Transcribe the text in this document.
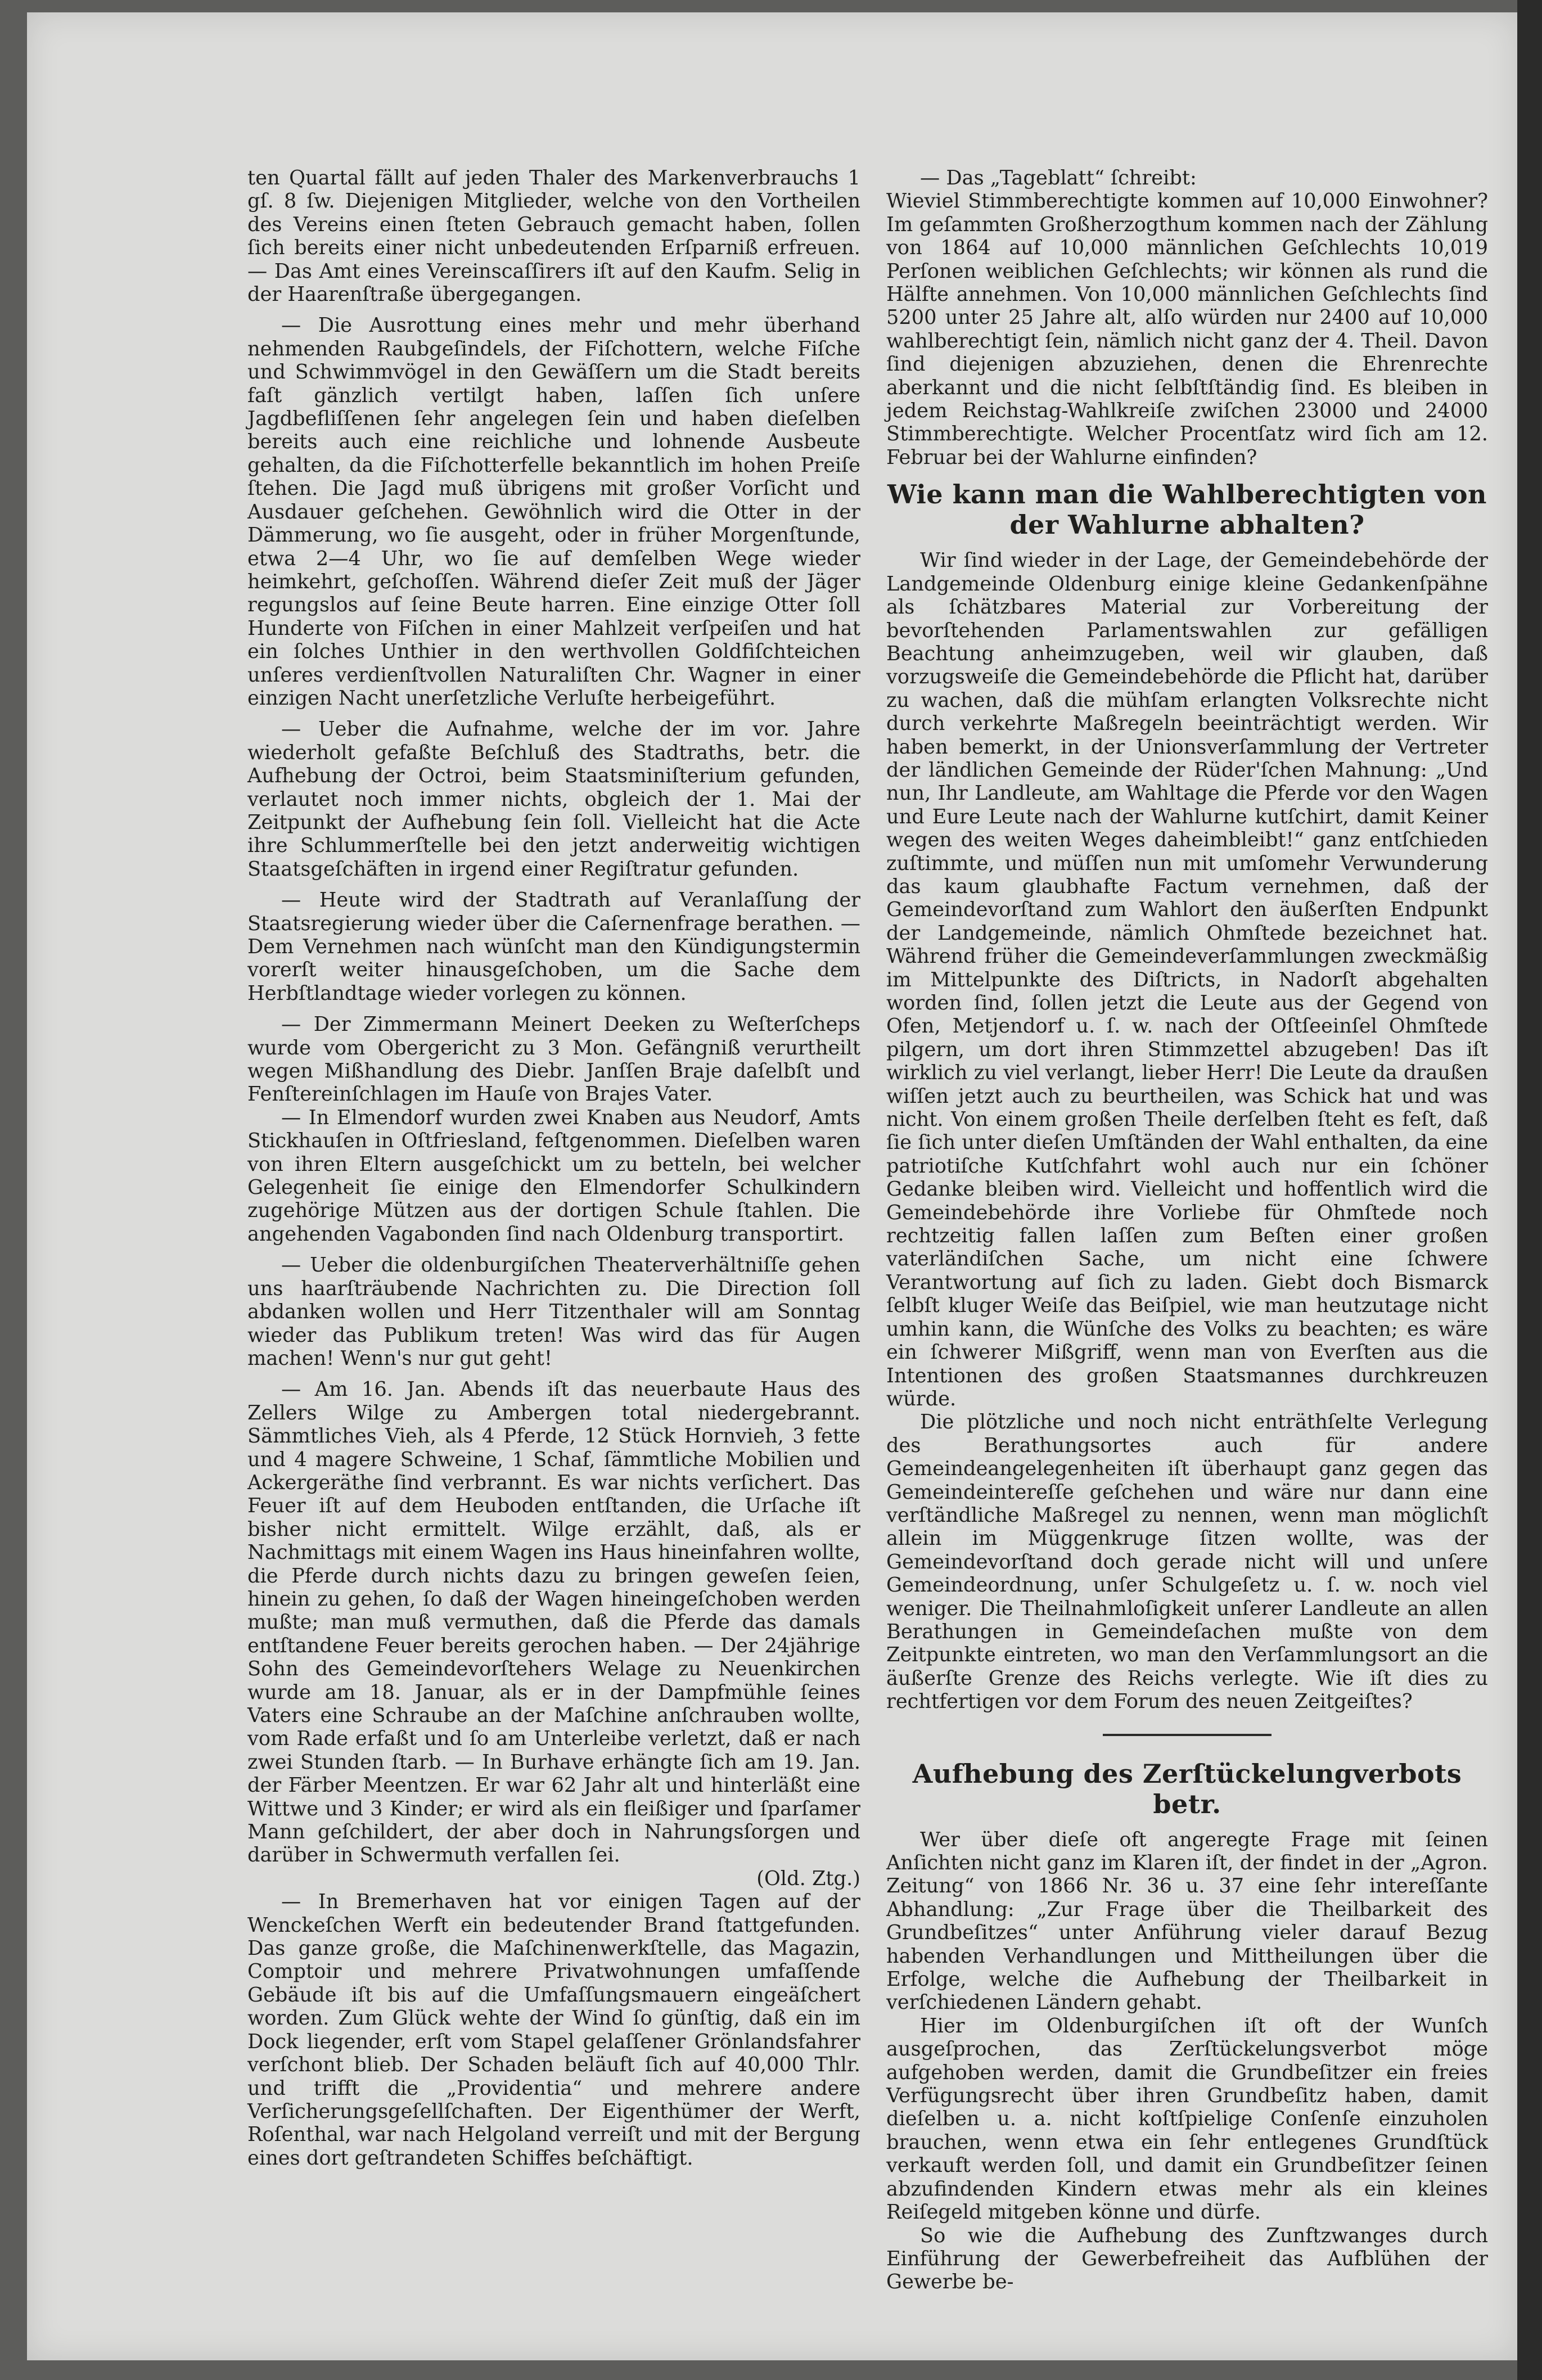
ten Quartal fällt auf jeden Thaler des Markenverbrauchs 1 gſ. 8 ſw. Diejenigen Mitglieder, welche von den Vortheilen des Vereins einen ſteten Gebrauch gemacht haben, ſollen ſich bereits einer nicht unbedeutenden Erſparniß erfreuen. — Das Amt eines Vereinscaſſirers iſt auf den Kaufm. Selig in der Haarenſtraße übergegangen.

— Die Ausrottung eines mehr und mehr überhand nehmenden Raubgeſindels, der Fiſchottern, welche Fiſche und Schwimmvögel in den Gewäſſern um die Stadt bereits faſt gänzlich vertilgt haben, laſſen ſich unſere Jagdbefliſſenen ſehr angelegen ſein und haben dieſelben bereits auch eine reichliche und lohnende Ausbeute gehalten, da die Fiſchotterfelle bekanntlich im hohen Preiſe ſtehen. Die Jagd muß übrigens mit großer Vorſicht und Ausdauer geſchehen. Gewöhnlich wird die Otter in der Dämmerung, wo ſie ausgeht, oder in früher Morgenſtunde, etwa 2—4 Uhr, wo ſie auf demſelben Wege wieder heimkehrt, geſchoſſen. Während dieſer Zeit muß der Jäger regungslos auf ſeine Beute harren. Eine einzige Otter ſoll Hunderte von Fiſchen in einer Mahlzeit verſpeiſen und hat ein ſolches Unthier in den werthvollen Goldfiſchteichen unſeres verdienſtvollen Naturaliſten Chr. Wagner in einer einzigen Nacht unerſetzliche Verluſte herbeigeführt.

— Ueber die Aufnahme, welche der im vor. Jahre wiederholt gefaßte Beſchluß des Stadtraths, betr. die Aufhebung der Octroi, beim Staatsminiſterium gefunden, verlautet noch immer nichts, obgleich der 1. Mai der Zeitpunkt der Aufhebung ſein ſoll. Vielleicht hat die Acte ihre Schlummerſtelle bei den jetzt anderweitig wichtigen Staatsgeſchäften in irgend einer Regiſtratur gefunden.

— Heute wird der Stadtrath auf Veranlaſſung der Staatsregierung wieder über die Caſernenfrage berathen. — Dem Vernehmen nach wünſcht man den Kündigungstermin vorerſt weiter hinausgeſchoben, um die Sache dem Herbſtlandtage wieder vorlegen zu können.

— Der Zimmermann Meinert Deeken zu Weſterſcheps wurde vom Obergericht zu 3 Mon. Gefängniß verurtheilt wegen Mißhandlung des Diebr. Janſſen Braje daſelbſt und Fenſtereinſchlagen im Hauſe von Brajes Vater.

— In Elmendorf wurden zwei Knaben aus Neudorf, Amts Stickhauſen in Oſtfriesland, feſtgenommen. Dieſelben waren von ihren Eltern ausgeſchickt um zu betteln, bei welcher Gelegenheit ſie einige den Elmendorfer Schulkindern zugehörige Mützen aus der dortigen Schule ſtahlen. Die angehenden Vagabonden ſind nach Oldenburg transportirt.

— Ueber die oldenburgiſchen Theaterverhältniſſe gehen uns haarſträubende Nachrichten zu. Die Direction ſoll abdanken wollen und Herr Titzenthaler will am Sonntag wieder das Publikum treten! Was wird das für Augen machen! Wenn's nur gut geht!

— Am 16. Jan. Abends iſt das neuerbaute Haus des Zellers Wilge zu Ambergen total niedergebrannt. Sämmtliches Vieh, als 4 Pferde, 12 Stück Hornvieh, 3 fette und 4 magere Schweine, 1 Schaf, ſämmtliche Mobilien und Ackergeräthe ſind verbrannt. Es war nichts verſichert. Das Feuer iſt auf dem Heuboden entſtanden, die Urſache iſt bisher nicht ermittelt. Wilge erzählt, daß, als er Nachmittags mit einem Wagen ins Haus hineinfahren wollte, die Pferde durch nichts dazu zu bringen geweſen ſeien, hinein zu gehen, ſo daß der Wagen hineingeſchoben werden mußte; man muß vermuthen, daß die Pferde das damals entſtandene Feuer bereits gerochen haben. — Der 24jährige Sohn des Gemeindevorſtehers Welage zu Neuenkirchen wurde am 18. Januar, als er in der Dampfmühle ſeines Vaters eine Schraube an der Maſchine anſchrauben wollte, vom Rade erfaßt und ſo am Unterleibe verletzt, daß er nach zwei Stunden ſtarb. — In Burhave erhängte ſich am 19. Jan. der Färber Meentzen. Er war 62 Jahr alt und hinterläßt eine Wittwe und 3 Kinder; er wird als ein fleißiger und ſparſamer Mann geſchildert, der aber doch in Nahrungsſorgen und darüber in Schwermuth verfallen ſei.

(Old. Ztg.)

— In Bremerhaven hat vor einigen Tagen auf der Wenckeſchen Werft ein bedeutender Brand ſtattgefunden. Das ganze große, die Maſchinenwerkſtelle, das Magazin, Comptoir und mehrere Privatwohnungen umfaſſende Gebäude iſt bis auf die Umfaſſungsmauern eingeäſchert worden. Zum Glück wehte der Wind ſo günſtig, daß ein im Dock liegender, erſt vom Stapel gelaſſener Grönlandsfahrer verſchont blieb. Der Schaden beläuft ſich auf 40,000 Thlr. und trifft die „Providentia“ und mehrere andere Verſicherungsgeſellſchaften. Der Eigenthümer der Werft, Roſenthal, war nach Helgoland verreiſt und mit der Bergung eines dort geſtrandeten Schiffes beſchäftigt.

— Das „Tageblatt“ ſchreibt:

Wieviel Stimmberechtigte kommen auf 10,000 Einwohner? Im geſammten Großherzogthum kommen nach der Zählung von 1864 auf 10,000 männlichen Geſchlechts 10,019 Perſonen weiblichen Geſchlechts; wir können als rund die Hälfte annehmen. Von 10,000 männlichen Geſchlechts ſind 5200 unter 25 Jahre alt, alſo würden nur 2400 auf 10,000 wahlberechtigt ſein, nämlich nicht ganz der 4. Theil. Davon ſind diejenigen abzuziehen, denen die Ehrenrechte aberkannt und die nicht ſelbſtſtändig ſind. Es bleiben in jedem Reichstag-Wahlkreiſe zwiſchen 23000 und 24000 Stimmberechtigte. Welcher Procentſatz wird ſich am 12. Februar bei der Wahlurne einfinden?

Wie kann man die Wahlberechtigten von der Wahlurne abhalten?

Wir ſind wieder in der Lage, der Gemeindebehörde der Landgemeinde Oldenburg einige kleine Gedankenſpähne als ſchätzbares Material zur Vorbereitung der bevorſtehenden Parlamentswahlen zur gefälligen Beachtung anheimzugeben, weil wir glauben, daß vorzugsweiſe die Gemeindebehörde die Pflicht hat, darüber zu wachen, daß die mühſam erlangten Volksrechte nicht durch verkehrte Maßregeln beeinträchtigt werden. Wir haben bemerkt, in der Unionsverſammlung der Vertreter der ländlichen Gemeinde der Rüder'ſchen Mahnung: „Und nun, Ihr Landleute, am Wahltage die Pferde vor den Wagen und Eure Leute nach der Wahlurne kutſchirt, damit Keiner wegen des weiten Weges daheimbleibt!“ ganz entſchieden zuſtimmte, und müſſen nun mit umſomehr Verwunderung das kaum glaubhafte Factum vernehmen, daß der Gemeindevorſtand zum Wahlort den äußerſten Endpunkt der Landgemeinde, nämlich Ohmſtede bezeichnet hat. Während früher die Gemeindeverſammlungen zweckmäßig im Mittelpunkte des Diſtricts, in Nadorſt abgehalten worden ſind, ſollen jetzt die Leute aus der Gegend von Ofen, Metjendorf u. ſ. w. nach der Oſtſeeinſel Ohmſtede pilgern, um dort ihren Stimmzettel abzugeben! Das iſt wirklich zu viel verlangt, lieber Herr! Die Leute da draußen wiſſen jetzt auch zu beurtheilen, was Schick hat und was nicht. Von einem großen Theile derſelben ſteht es feſt, daß ſie ſich unter dieſen Umſtänden der Wahl enthalten, da eine patriotiſche Kutſchfahrt wohl auch nur ein ſchöner Gedanke bleiben wird. Vielleicht und hoffentlich wird die Gemeindebehörde ihre Vorliebe für Ohmſtede noch rechtzeitig fallen laſſen zum Beſten einer großen vaterländiſchen Sache, um nicht eine ſchwere Verantwortung auf ſich zu laden. Giebt doch Bismarck ſelbſt kluger Weiſe das Beiſpiel, wie man heutzutage nicht umhin kann, die Wünſche des Volks zu beachten; es wäre ein ſchwerer Mißgriff, wenn man von Everſten aus die Intentionen des großen Staatsmannes durchkreuzen würde.

Die plötzliche und noch nicht enträthſelte Verlegung des Berathungsortes auch für andere Gemeindeangelegenheiten iſt überhaupt ganz gegen das Gemeindeintereſſe geſchehen und wäre nur dann eine verſtändliche Maßregel zu nennen, wenn man möglichſt allein im Müggenkruge ſitzen wollte, was der Gemeindevorſtand doch gerade nicht will und unſere Gemeindeordnung, unſer Schulgeſetz u. ſ. w. noch viel weniger. Die Theilnahmloſigkeit unſerer Landleute an allen Berathungen in Gemeindeſachen mußte von dem Zeitpunkte eintreten, wo man den Verſammlungsort an die äußerſte Grenze des Reichs verlegte. Wie iſt dies zu rechtfertigen vor dem Forum des neuen Zeitgeiſtes?

Aufhebung des Zerſtückelungverbots betr.

Wer über dieſe oft angeregte Frage mit ſeinen Anſichten nicht ganz im Klaren iſt, der findet in der „Agron. Zeitung“ von 1866 Nr. 36 u. 37 eine ſehr intereſſante Abhandlung: „Zur Frage über die Theilbarkeit des Grundbeſitzes“ unter Anführung vieler darauf Bezug habenden Verhandlungen und Mittheilungen über die Erfolge, welche die Aufhebung der Theilbarkeit in verſchiedenen Ländern gehabt.

Hier im Oldenburgiſchen iſt oft der Wunſch ausgeſprochen, das Zerſtückelungsverbot möge aufgehoben werden, damit die Grundbeſitzer ein freies Verfügungsrecht über ihren Grundbeſitz haben, damit dieſelben u. a. nicht koſtſpielige Conſenſe einzuholen brauchen, wenn etwa ein ſehr entlegenes Grundſtück verkauft werden ſoll, und damit ein Grundbeſitzer ſeinen abzufindenden Kindern etwas mehr als ein kleines Reiſegeld mitgeben könne und dürfe.

So wie die Aufhebung des Zunftzwanges durch Einführung der Gewerbefreiheit das Aufblühen der Gewerbe be-
